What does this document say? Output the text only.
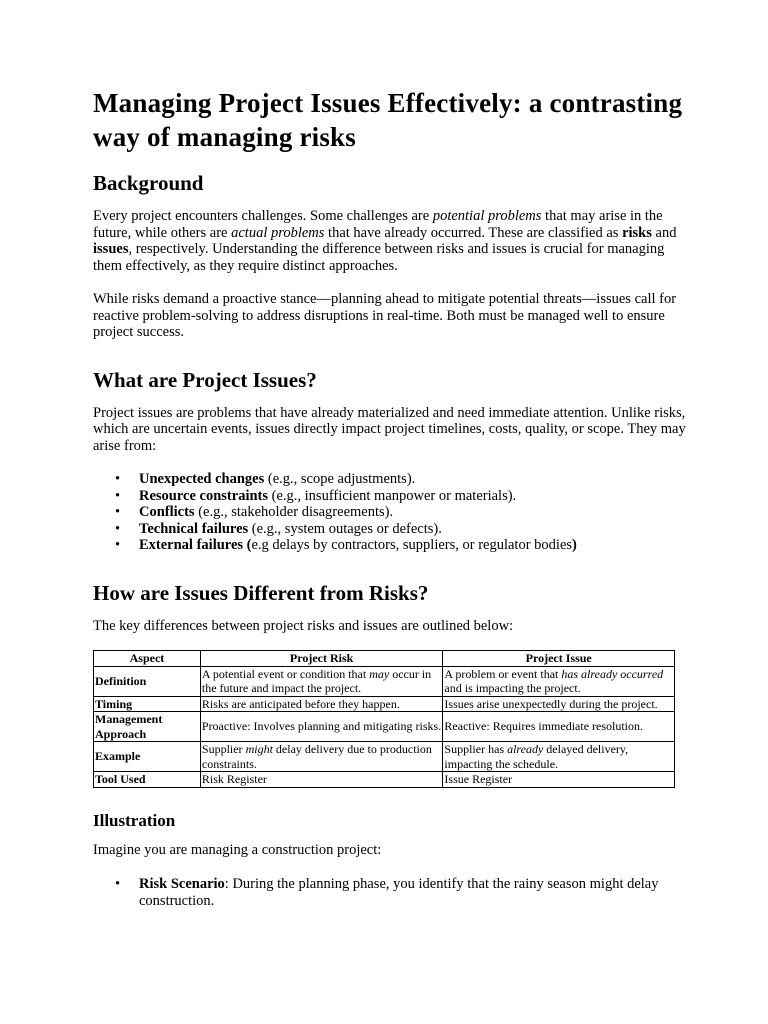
Managing Project Issues Effectively: a contrasting way of managing risks
Background

Every project encounters challenges. Some challenges are potential problems that may arise in the future, while others are actual problems that have already occurred. These are classified as risks and issues, respectively. Understanding the difference between risks and issues is crucial for managing them effectively, as they require distinct approaches.

While risks demand a proactive stance—planning ahead to mitigate potential threats—issues call for reactive problem-solving to address disruptions in real-time. Both must be managed well to ensure project success.

What are Project Issues?

Project issues are problems that have already materialized and need immediate attention. Unlike risks, which are uncertain events, issues directly impact project timelines, costs, quality, or scope. They may arise from:

• Unexpected changes (e.g., scope adjustments).
• Resource constraints (e.g., insufficient manpower or materials).
• Conflicts (e.g., stakeholder disagreements).
• Technical failures (e.g., system outages or defects).
• External failures (e.g delays by contractors, suppliers, or regulator bodies)
How are Issues Different from Risks?

The key differences between project risks and issues are outlined below:

Aspect	Project Risk	Project Issue
Definition	A potential event or condition that may occur in the future and impact the project.	A problem or event that has already occurred and is impacting the project.
Timing	Risks are anticipated before they happen.	Issues arise unexpectedly during the project.
Management Approach	Proactive: Involves planning and mitigating risks.	Reactive: Requires immediate resolution.
Example	Supplier might delay delivery due to production constraints.	Supplier has already delayed delivery, impacting the schedule.
Tool Used	Risk Register	Issue Register
Illustration

Imagine you are managing a construction project:

• Risk Scenario: During the planning phase, you identify that the rainy season might delay construction.
